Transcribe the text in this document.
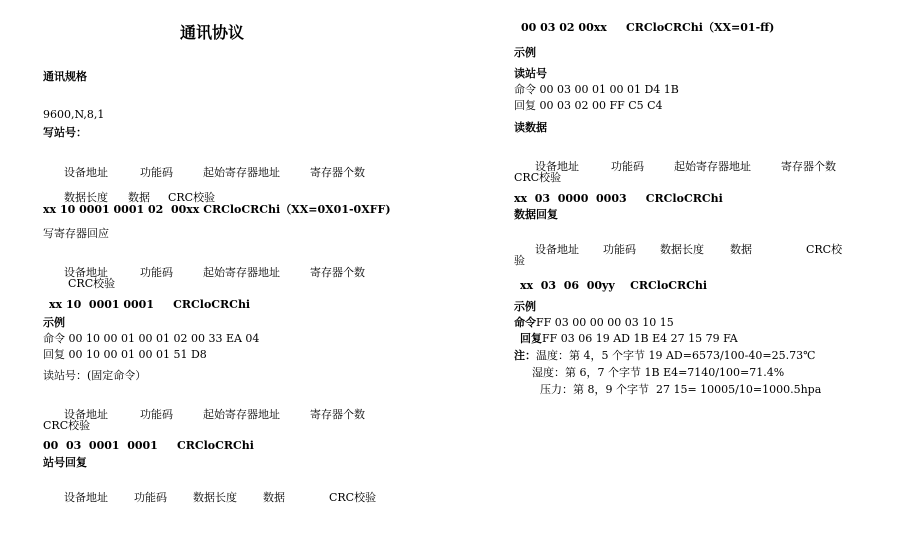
通讯协议
通讯规格
9600,N,8,1
写站号：

设备地址	功能码	起始寄存器地址	寄存器个数

数据长度 数据 CRC校验

xx 10 0001 0001 02  00xx CRCloCRChi（XX=0X01-0XFF)
写寄存器回应

设备地址	功能码	起始寄存器地址	寄存器个数

CRC校验
xx 10  0001 0001     CRCloCRChi
示例
命令 00 10 00 01 00 01 02 00 33 EA 04
回复 00 10 00 01 00 01 51 D8
读站号：(固定命令）

设备地址	功能码	起始寄存器地址	寄存器个数

CRC校验
00  03  0001  0001     CRCloCRChi
站号回复

设备地址 功能码 数据长度 数据	CRC校验

00 03 02 00xx     CRCloCRChi（XX=01-ff)
示例
读站号
命令 00 03 00 01 00 01 D4 1B
回复 00 03 02 00 FF C5 C4
读数据

设备地址	功能码	起始寄存器地址	寄存器个数

CRC校验
xx  03  0000  0003     CRCloCRChi
数据回复

设备地址 功能码 数据长度 数据	CRC校

验
xx  03  06  00yy    CRCloCRChi
示例
命令FF 03 00 00 00 03 10 15
回复FF 03 06 19 AD 1B E4 27 15 79 FA
注：温度：第 4，5 个字节 19 AD=6573/100-40=25.73℃
湿度：第 6，7 个字节 1B E4=7140/100=71.4%
压力：第 8，9 个字节  27 15= 10005/10=1000.5hpa
